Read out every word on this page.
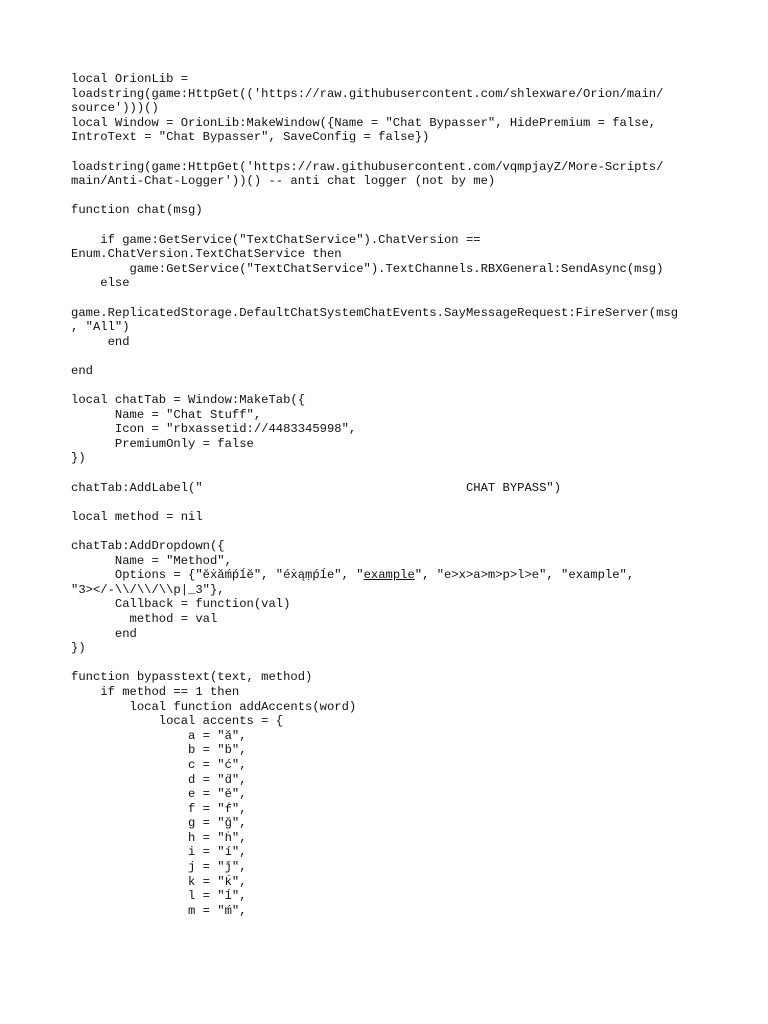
local OrionLib =
loadstring(game:HttpGet(('https://raw.githubusercontent.com/shlexware/Orion/main/
source')))()
local Window = OrionLib:MakeWindow({Name = "Chat Bypasser", HidePremium = false,
IntroText = "Chat Bypasser", SaveConfig = false})
loadstring(game:HttpGet('https://raw.githubusercontent.com/vqmpjayZ/More-Scripts/
main/Anti-Chat-Logger'))() -- anti chat logger (not by me)
function chat(msg)
if game:GetService("TextChatService").ChatVersion ==
Enum.ChatVersion.TextChatService then
game:GetService("TextChatService").TextChannels.RBXGeneral:SendAsync(msg)
else
game.ReplicatedStorage.DefaultChatSystemChatEvents.SayMessageRequest:FireServer(msg
, "All")
end
end
local chatTab = Window:MakeTab({
Name = "Chat Stuff",
Icon = "rbxassetid://4483345998",
PremiumOnly = false
})
chatTab:AddLabel("                                    CHAT BYPASS")
local method = nil
chatTab:AddDropdown({
Name = "Method",
Options = {"ĕẋăḿṕĺĕ", "éẋąṃṕĺe", "example", "e>x>a>m>p>l>e", "example",
"3></-\\/\\/\\p|_3"},
Callback = function(val)
method = val
end
})
function bypasstext(text, method)
if method == 1 then
local function addAccents(word)
local accents = {
a = "ă",
b = "ḃ",
c = "ć",
d = "ḋ",
e = "ĕ",
f = "ḟ",
g = "ğ",
h = "ḣ",
i = "í",
j = "ǰ",
k = "ḱ",
l = "ĺ",
m = "ḿ",
